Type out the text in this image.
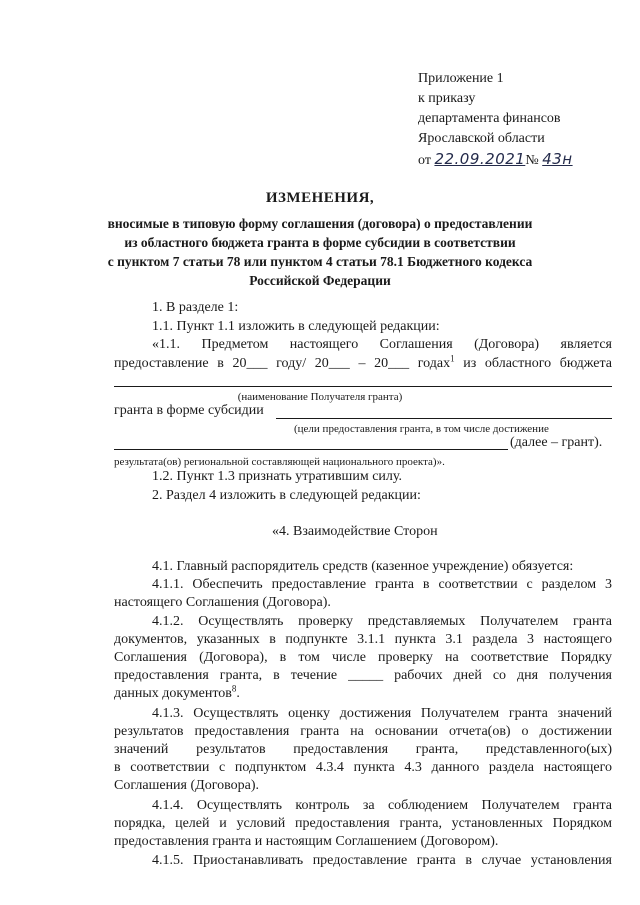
Приложение 1
к приказу
департамента финансов
Ярославской области
от 22.09.2021№ 43н
ИЗМЕНЕНИЯ,
вносимые в типовую форму соглашения (договора) о предоставлении
из областного бюджета гранта в форме субсидии в соответствии
с пунктом 7 статьи 78 или пунктом 4 статьи 78.1 Бюджетного кодекса
Российской Федерации
1. В разделе 1:
1.1. Пункт 1.1 изложить в следующей редакции:
«1.1. Предметом настоящего Соглашения (Договора) является
предоставление в 20___ году/ 20___ – 20___ годах$^1$ из областного бюджета
(наименование Получателя гранта)
гранта в форме субсидии
(цели предоставления гранта, в том числе достижение
(далее – грант).
результата(ов) региональной составляющей национального проекта)».
1.2. Пункт 1.3 признать утратившим силу.
2. Раздел 4 изложить в следующей редакции:
«4. Взаимодействие Сторон
4.1. Главный распорядитель средств (казенное учреждение) обязуется:
4.1.1. Обеспечить предоставление гранта в соответствии с разделом 3
настоящего Соглашения (Договора).
4.1.2. Осуществлять проверку представляемых Получателем гранта
документов, указанных в подпункте 3.1.1 пункта 3.1 раздела 3 настоящего
Соглашения (Договора), в том числе проверку на соответствие Порядку
предоставления гранта, в течение _____ рабочих дней со дня получения
данных документов$^8$.
4.1.3. Осуществлять оценку достижения Получателем гранта значений
результатов предоставления гранта на основании отчета(ов) о достижении
значений результатов предоставления гранта, представленного(ых)
в соответствии с подпунктом 4.3.4 пункта 4.3 данного раздела настоящего
Соглашения (Договора).
4.1.4. Осуществлять контроль за соблюдением Получателем гранта
порядка, целей и условий предоставления гранта, установленных Порядком
предоставления гранта и настоящим Соглашением (Договором).
4.1.5. Приостанавливать предоставление гранта в случае установления
